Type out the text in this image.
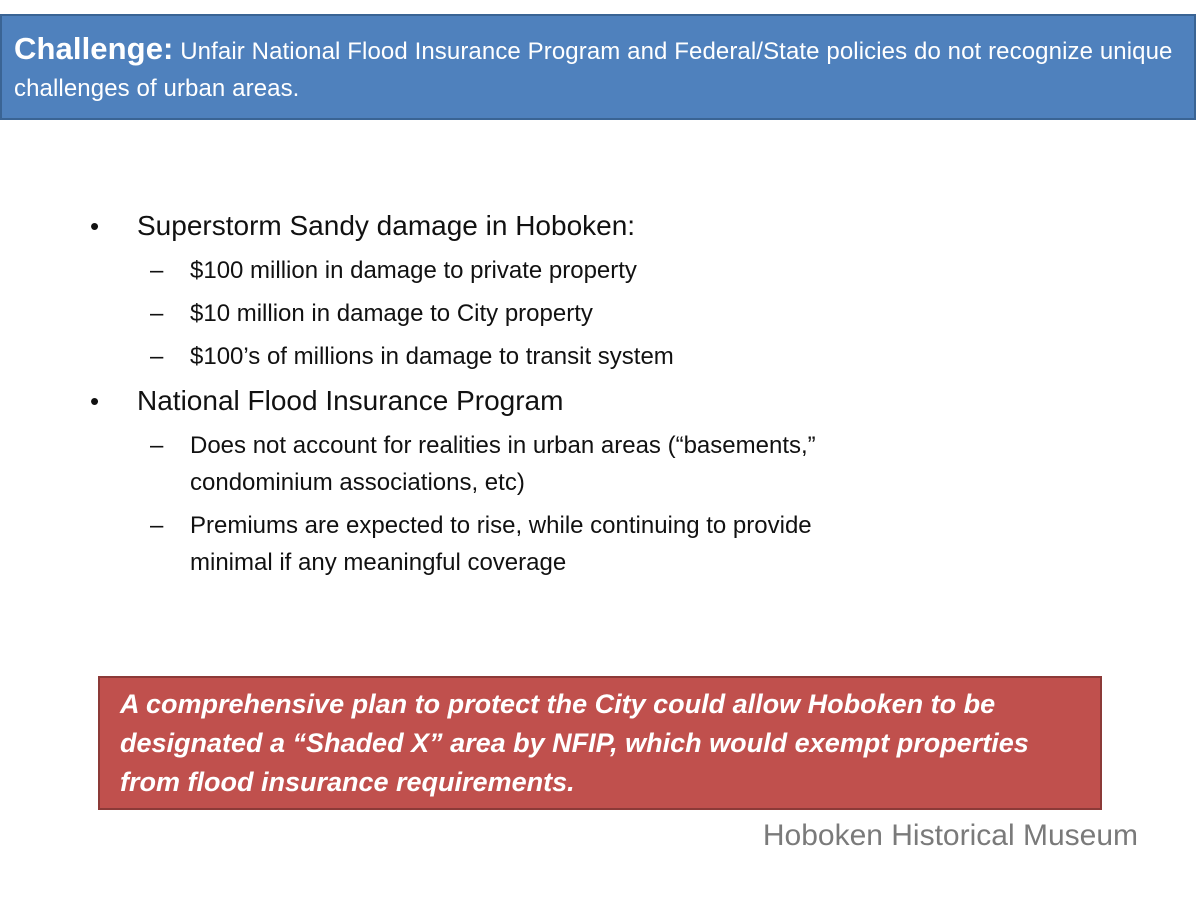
Challenge: Unfair National Flood Insurance Program and Federal/State policies do not recognize unique challenges of urban areas.
• Superstorm Sandy damage in Hoboken:
– $100 million in damage to private property
– $10 million in damage to City property
– $100’s of millions in damage to transit system
• National Flood Insurance Program
– Does not account for realities in urban areas (“basements,” condominium associations, etc)
– Premiums are expected to rise, while continuing to provide minimal if any meaningful coverage
A comprehensive plan to protect the City could allow Hoboken to be designated a “Shaded X” area by NFIP, which would exempt properties from flood insurance requirements.
Hoboken Historical Museum
